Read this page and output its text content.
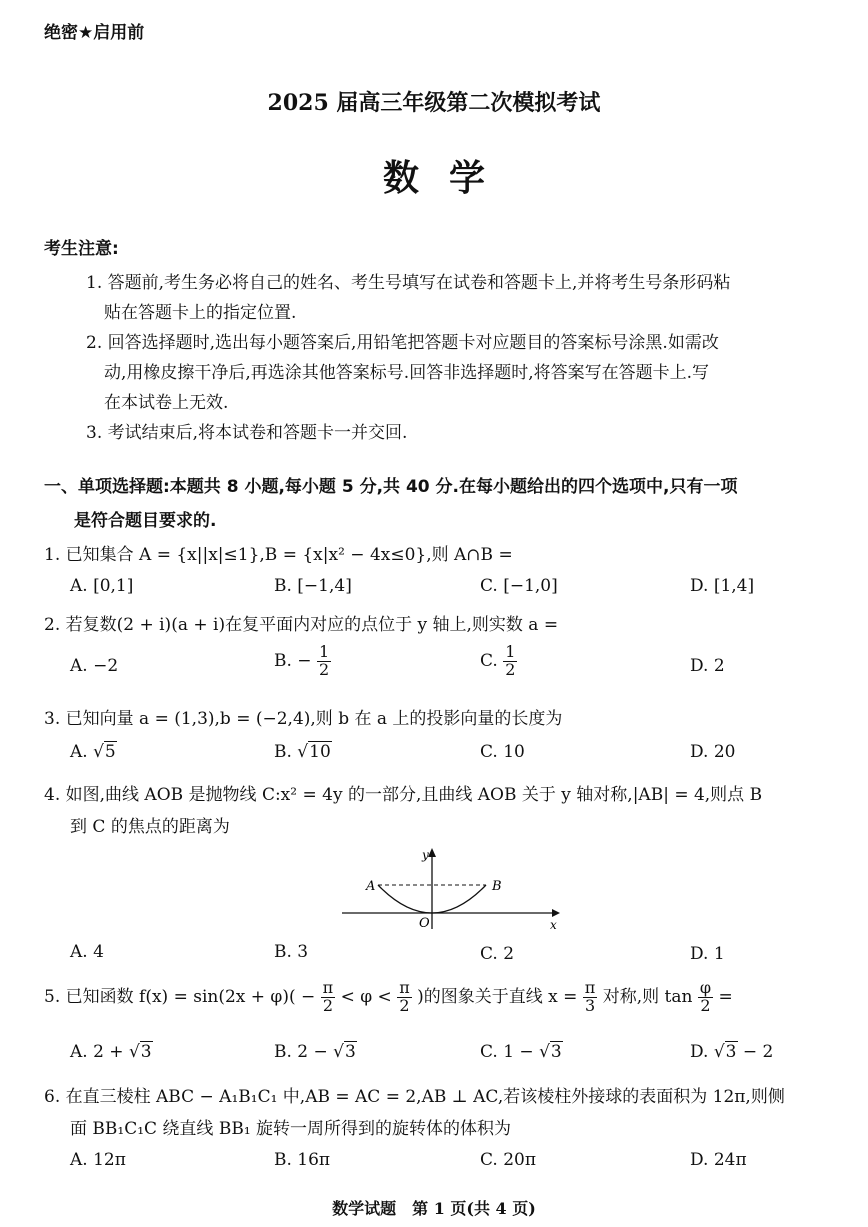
绝密★启用前
2025 届高三年级第二次模拟考试
数学
考生注意:
1. 答题前,考生务必将自己的姓名、考生号填写在试卷和答题卡上,并将考生号条形码粘
贴在答题卡上的指定位置.
2. 回答选择题时,选出每小题答案后,用铅笔把答题卡对应题目的答案标号涂黑.如需改
动,用橡皮擦干净后,再选涂其他答案标号.回答非选择题时,将答案写在答题卡上.写
在本试卷上无效.
3. 考试结束后,将本试卷和答题卡一并交回.
一、单项选择题:本题共 8 小题,每小题 5 分,共 40 分.在每小题给出的四个选项中,只有一项
是符合题目要求的.
1. 已知集合 A = {x||x|≤1},B = {x|x² − 4x≤0},则 A∩B =
A. [0,1]	B. [−1,4]	C. [−1,0]	D. [1,4]
2. 若复数(2 + i)(a + i)在复平面内对应的点位于 y 轴上,则实数 a =
A. −2	B. − $\frac{1}{2}$	C. $\frac{1}{2}$	D. 2
3. 已知向量 a = (1,3),b = (−2,4),则 b 在 a 上的投影向量的长度为
A. √5	B. √10	C. 10	D. 20
4. 如图,曲线 AOB 是抛物线 C:x² = 4y 的一部分,且曲线 AOB 关于 y 轴对称,|AB| = 4,则点 B
到 C 的焦点的距离为
A	B
O	x
y
A. 4	B. 3	C. 2	D. 1
5. 已知函数 $f(x) = \sin(2x + \varphi)( - \frac{\pi}{2} < \varphi < \frac{\pi}{2}$ )的图象关于直线 $x = \frac{\pi}{3}$ 对称,则 $\tan \frac{\varphi}{2}$ =
A. 2 + √3	B. 2 − √3	C. 1 − √3	D. √3 − 2
6. 在直三棱柱 ABC − A₁B₁C₁ 中,AB = AC = 2,AB ⊥ AC,若该棱柱外接球的表面积为 12π,则侧
面 BB₁C₁C 绕直线 BB₁ 旋转一周所得到的旋转体的体积为
A. 12π	B. 16π	C. 20π	D. 24π
数学试题　第 1 页(共 4 页)
